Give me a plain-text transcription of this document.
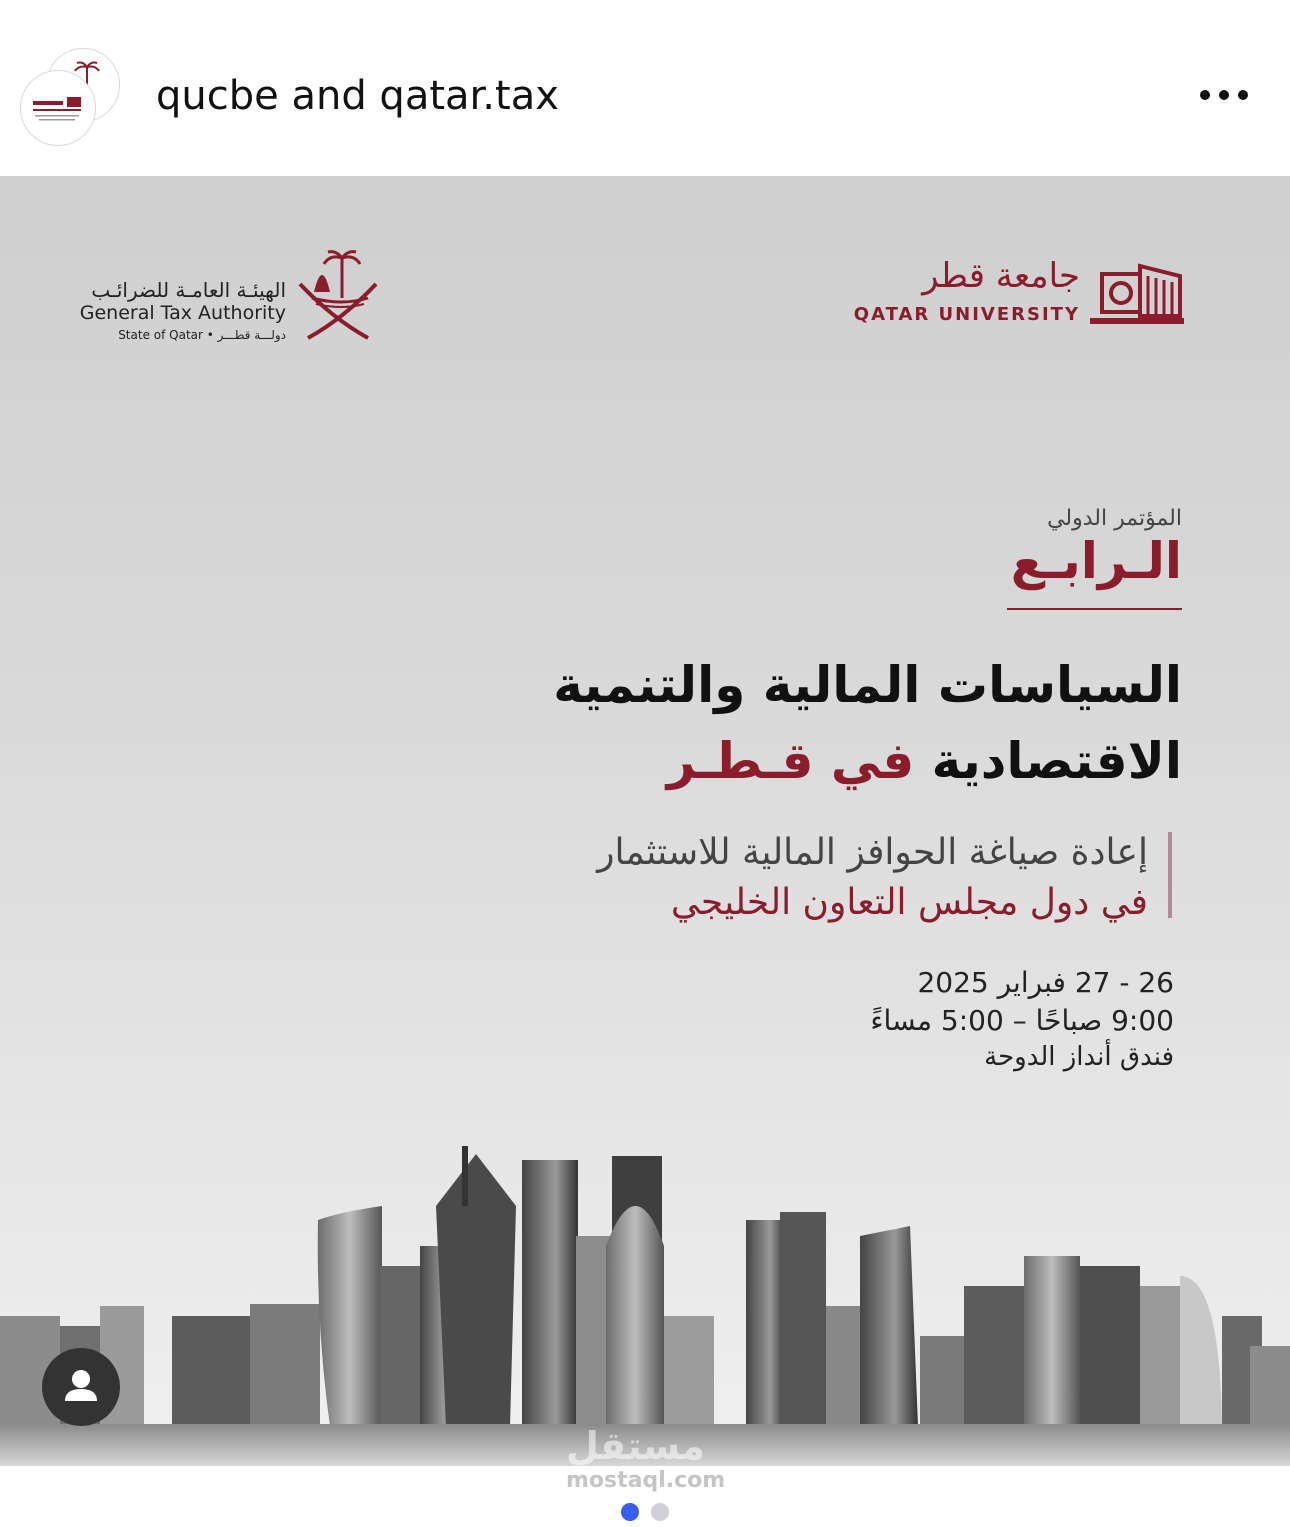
qucbe and qatar.tax
الهيئـة العامـة للضرائـب
General Tax Authority
State of Qatar • دولـــة قطـــر
جامعة قطر
QATAR UNIVERSITY
المؤتمر الدولي
الـرابـع
السياسات المالية والتنمية
الاقتصادية في قـطـر
إعادة صياغة الحوافز المالية للاستثمار
في دول مجلس التعاون الخليجي
26 - 27 فبراير 2025
9:00 صباحًا – 5:00 مساءً
فندق أنداز الدوحة
مستقل
mostaql.com
